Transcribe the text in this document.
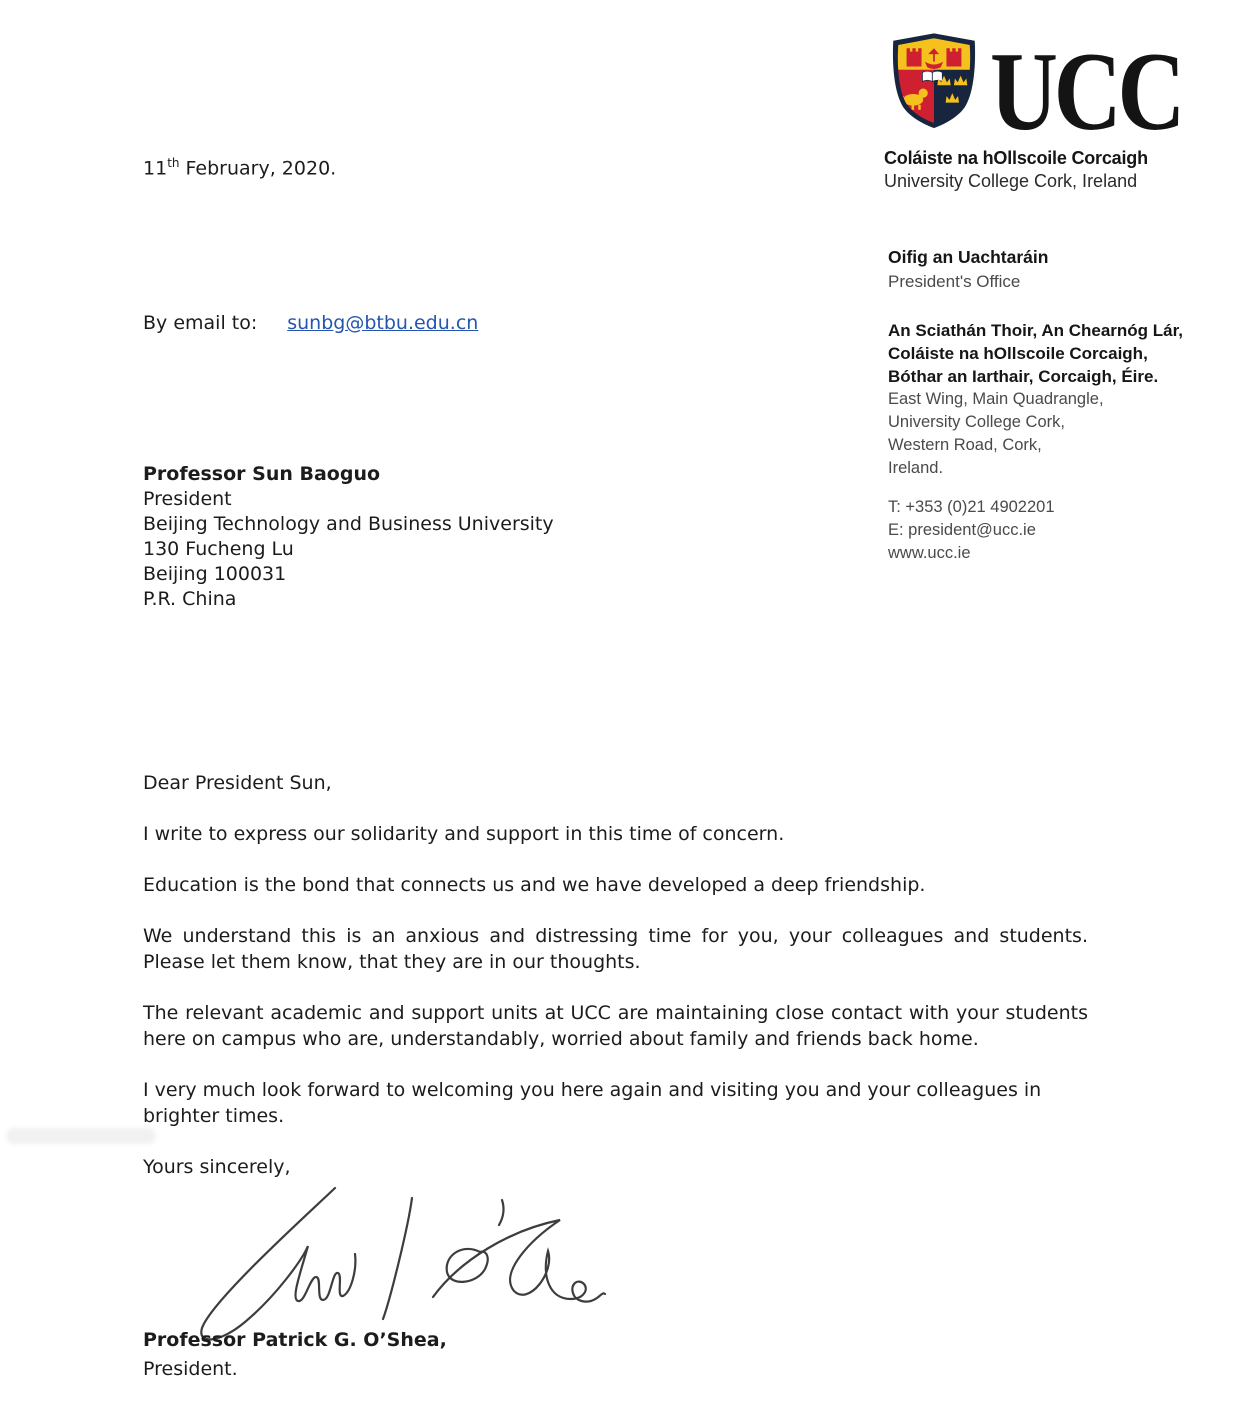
UCC
Coláiste na hOllscoile Corcaigh
University College Cork, Ireland
Oifig an Uachtaráin
President's Office
An Sciathán Thoir, An Chearnóg Lár,
Coláiste na hOllscoile Corcaigh,
Bóthar an Iarthair, Corcaigh, Éire.
East Wing, Main Quadrangle,
University College Cork,
Western Road, Cork,
Ireland.
T: +353 (0)21 4902201
E: president@ucc.ie
www.ucc.ie
11th February, 2020.
By email to: sunbg@btbu.edu.cn
Professor Sun Baoguo
President
Beijing Technology and Business University
130 Fucheng Lu
Beijing 100031
P.R. China

Dear President Sun,

I write to express our solidarity and support in this time of concern.

Education is the bond that connects us and we have developed a deep friendship.

We understand this is an anxious and distressing time for you, your colleagues and students. Please let them know, that they are in our thoughts.

The relevant academic and support units at UCC are maintaining close contact with your students here on campus who are, understandably, worried about family and friends back home.

I very much look forward to welcoming you here again and visiting you and your colleagues in brighter times.

Yours sincerely,

Professor Patrick G. O’Shea,
President.
